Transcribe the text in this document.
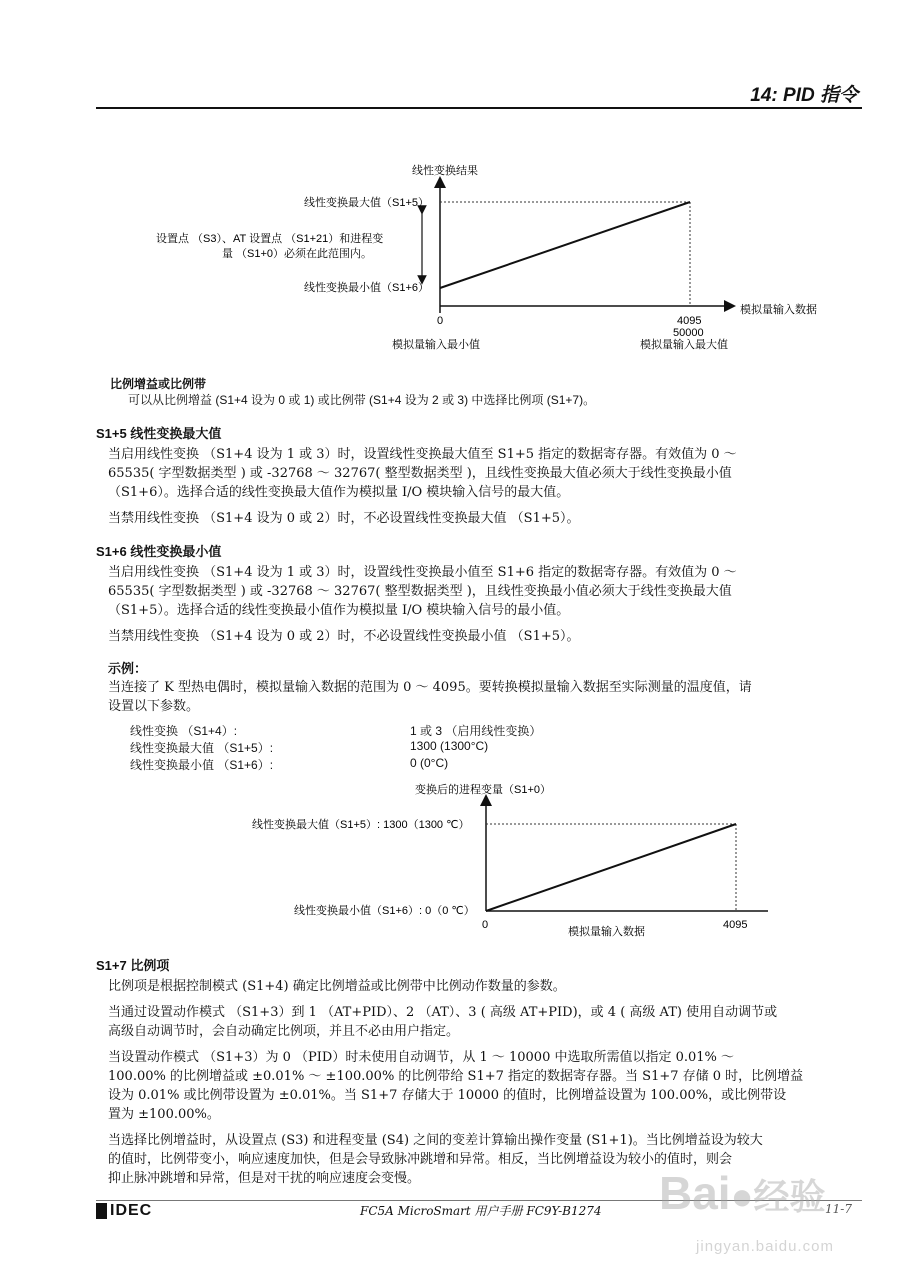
14: PID 指令
线性变换结果
线性变换最大值（S1+5）
线性变换最小值（S1+6）
设置点 （S3）、AT 设置点 （S1+21）和进程变
量 （S1+0）必须在此范围内。
0	4095
50000
模拟量输入数据
模拟量输入最小值	模拟量输入最大值
比例增益或比例带
可以从比例增益 (S1+4 设为 0 或 1) 或比例带 (S1+4 设为 2 或 3) 中选择比例项 (S1+7)。
S1+5 线性变换最大值
当启用线性变换 （S1+4 设为 1 或 3）时，设置线性变换最大值至 S1+5 指定的数据寄存器。有效值为 0 ～
65535( 字型数据类型 ) 或 -32768 ～ 32767( 整型数据类型 )，且线性变换最大值必须大于线性变换最小值
（S1+6）。选择合适的线性变换最大值作为模拟量 I/O 模块输入信号的最大值。
当禁用线性变换 （S1+4 设为 0 或 2）时，不必设置线性变换最大值 （S1+5）。
S1+6 线性变换最小值
当启用线性变换 （S1+4 设为 1 或 3）时，设置线性变换最小值至 S1+6 指定的数据寄存器。有效值为 0 ～
65535( 字型数据类型 ) 或 -32768 ～ 32767( 整型数据类型 )，且线性变换最小值必须大于线性变换最大值
（S1+5）。选择合适的线性变换最小值作为模拟量 I/O 模块输入信号的最小值。
当禁用线性变换 （S1+4 设为 0 或 2）时，不必设置线性变换最小值 （S1+5）。
示例：
当连接了 K 型热电偶时，模拟量输入数据的范围为 0 ～ 4095。要转换模拟量输入数据至实际测量的温度值，请
设置以下参数。
线性变换 （S1+4）:	1 或 3 （启用线性变换）
线性变换最大值 （S1+5）:	1300 (1300°C)
线性变换最小值 （S1+6）:	0 (0°C)
变换后的进程变量（S1+0）
线性变换最大值（S1+5）: 1300（1300 ℃）
线性变换最小值（S1+6）: 0（0 ℃）
0
模拟量输入数据
4095
S1+7 比例项
比例项是根据控制模式 (S1+4) 确定比例增益或比例带中比例动作数量的参数。
当通过设置动作模式 （S1+3）到 1 （AT+PID）、2 （AT）、3 ( 高级 AT+PID)，或 4 ( 高级 AT) 使用自动调节或
高级自动调节时，会自动确定比例项，并且不必由用户指定。
当设置动作模式 （S1+3）为 0 （PID）时未使用自动调节，从 1 ～ 10000 中选取所需值以指定 0.01% ～
100.00% 的比例增益或 ±0.01% ～ ±100.00% 的比例带给 S1+7 指定的数据寄存器。当 S1+7 存储 0 时，比例增益
设为 0.01% 或比例带设置为 ±0.01%。当 S1+7 存储大于 10000 的值时，比例增益设置为 100.00%，或比例带设
置为 ±100.00%。
当选择比例增益时，从设置点 (S3) 和进程变量 (S4) 之间的变差计算输出操作变量 (S1+1)。当比例增益设为较大
的值时，比例带变小，响应速度加快，但是会导致脉冲跳增和异常。相反，当比例增益设为较小的值时，则会
抑止脉冲跳增和异常，但是对干扰的响应速度会变慢。
IDEC	FC5A MicroSmart 用户手册 FC9Y-B1274	11-7
Bai●经验
jingyan.baidu.com
